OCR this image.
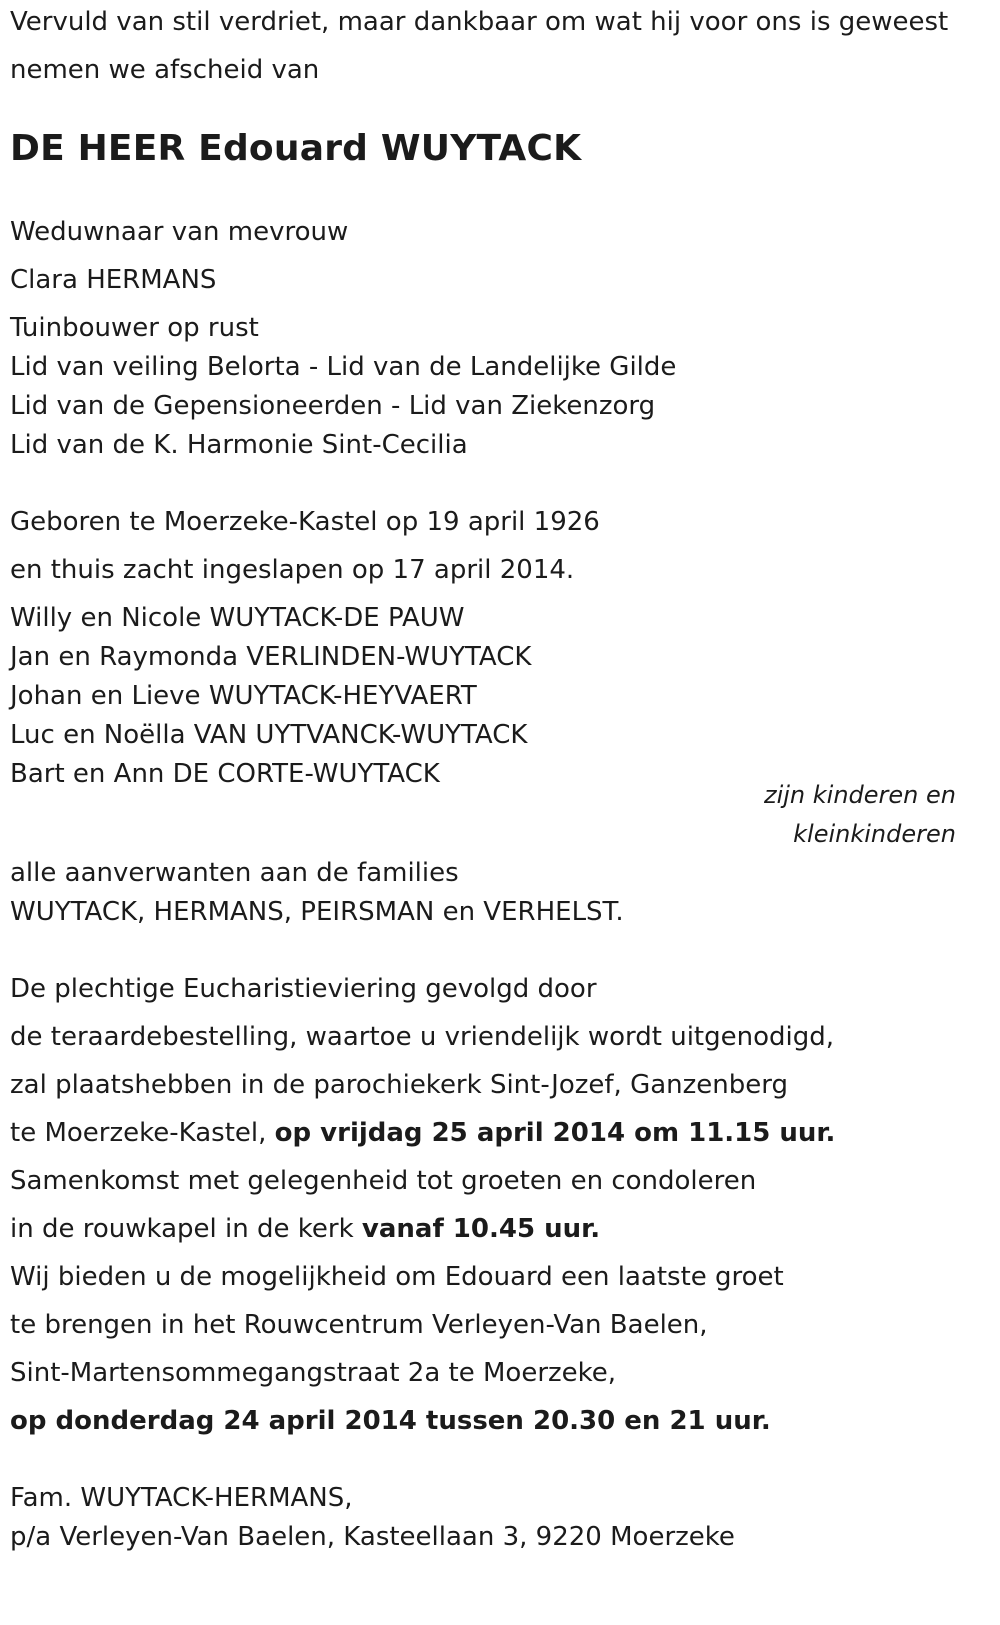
Vervuld van stil verdriet, maar dankbaar om wat hij voor ons is geweest

nemen we afscheid van

DE HEER Edouard WUYTACK

Weduwnaar van mevrouw

Clara HERMANS

Tuinbouwer op rust

Lid van veiling Belorta - Lid van de Landelijke Gilde

Lid van de Gepensioneerden - Lid van Ziekenzorg

Lid van de K. Harmonie Sint-Cecilia

Geboren te Moerzeke-Kastel op 19 april 1926

en thuis zacht ingeslapen op 17 april 2014.

Willy en Nicole WUYTACK-DE PAUW

Jan en Raymonda VERLINDEN-WUYTACK

Johan en Lieve WUYTACK-HEYVAERT

Luc en Noëlla VAN UYTVANCK-WUYTACK

Bart en Ann DE CORTE-WUYTACK

zijn kinderen en

kleinkinderen

alle aanverwanten aan de families

WUYTACK, HERMANS, PEIRSMAN en VERHELST.

De plechtige Eucharistieviering gevolgd door

de teraardebestelling, waartoe u vriendelijk wordt uitgenodigd,

zal plaatshebben in de parochiekerk Sint-Jozef, Ganzenberg

te Moerzeke-Kastel, op vrijdag 25 april 2014 om 11.15 uur.

Samenkomst met gelegenheid tot groeten en condoleren

in de rouwkapel in de kerk vanaf 10.45 uur.

Wij bieden u de mogelijkheid om Edouard een laatste groet

te brengen in het Rouwcentrum Verleyen-Van Baelen,

Sint-Martensommegangstraat 2a te Moerzeke,

op donderdag 24 april 2014 tussen 20.30 en 21 uur.

Fam. WUYTACK-HERMANS,

p/a Verleyen-Van Baelen, Kasteellaan 3, 9220 Moerzeke
